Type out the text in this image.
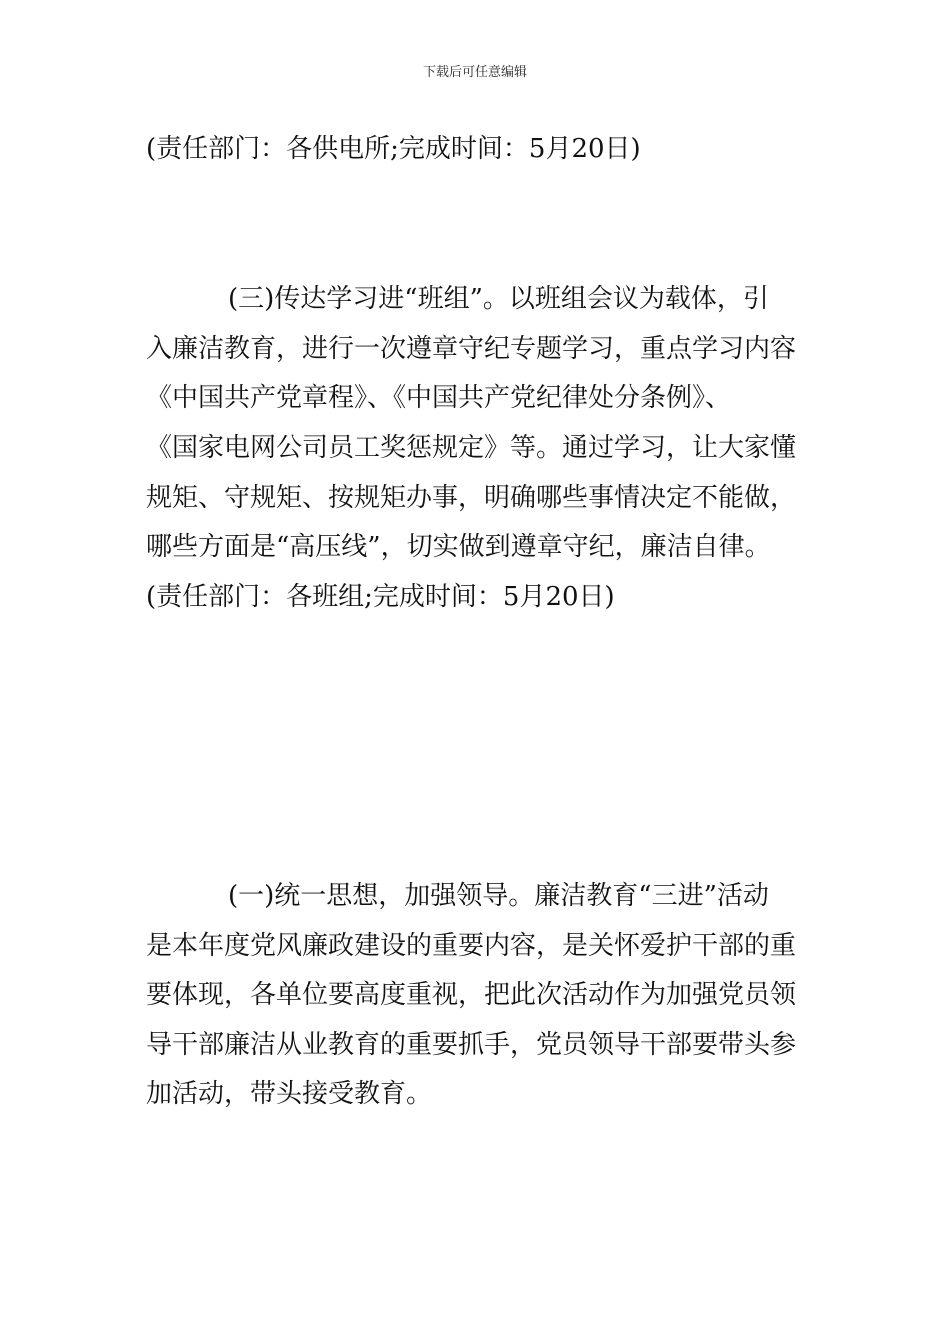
下载后可任意编辑
(责任部门：各供电所;完成时间：5月20日)
(三)传达学习进“班组”。以班组会议为载体，引
入廉洁教育，进行一次遵章守纪专题学习，重点学习内容
《中国共产党章程》、《中国共产党纪律处分条例》、
《国家电网公司员工奖惩规定》等。通过学习，让大家懂
规矩、守规矩、按规矩办事，明确哪些事情决定不能做，
哪些方面是“高压线”，切实做到遵章守纪，廉洁自律。
(责任部门：各班组;完成时间：5月20日)
(一)统一思想，加强领导。廉洁教育“三进”活动
是本年度党风廉政建设的重要内容，是关怀爱护干部的重
要体现，各单位要高度重视，把此次活动作为加强党员领
导干部廉洁从业教育的重要抓手，党员领导干部要带头参
加活动，带头接受教育。
